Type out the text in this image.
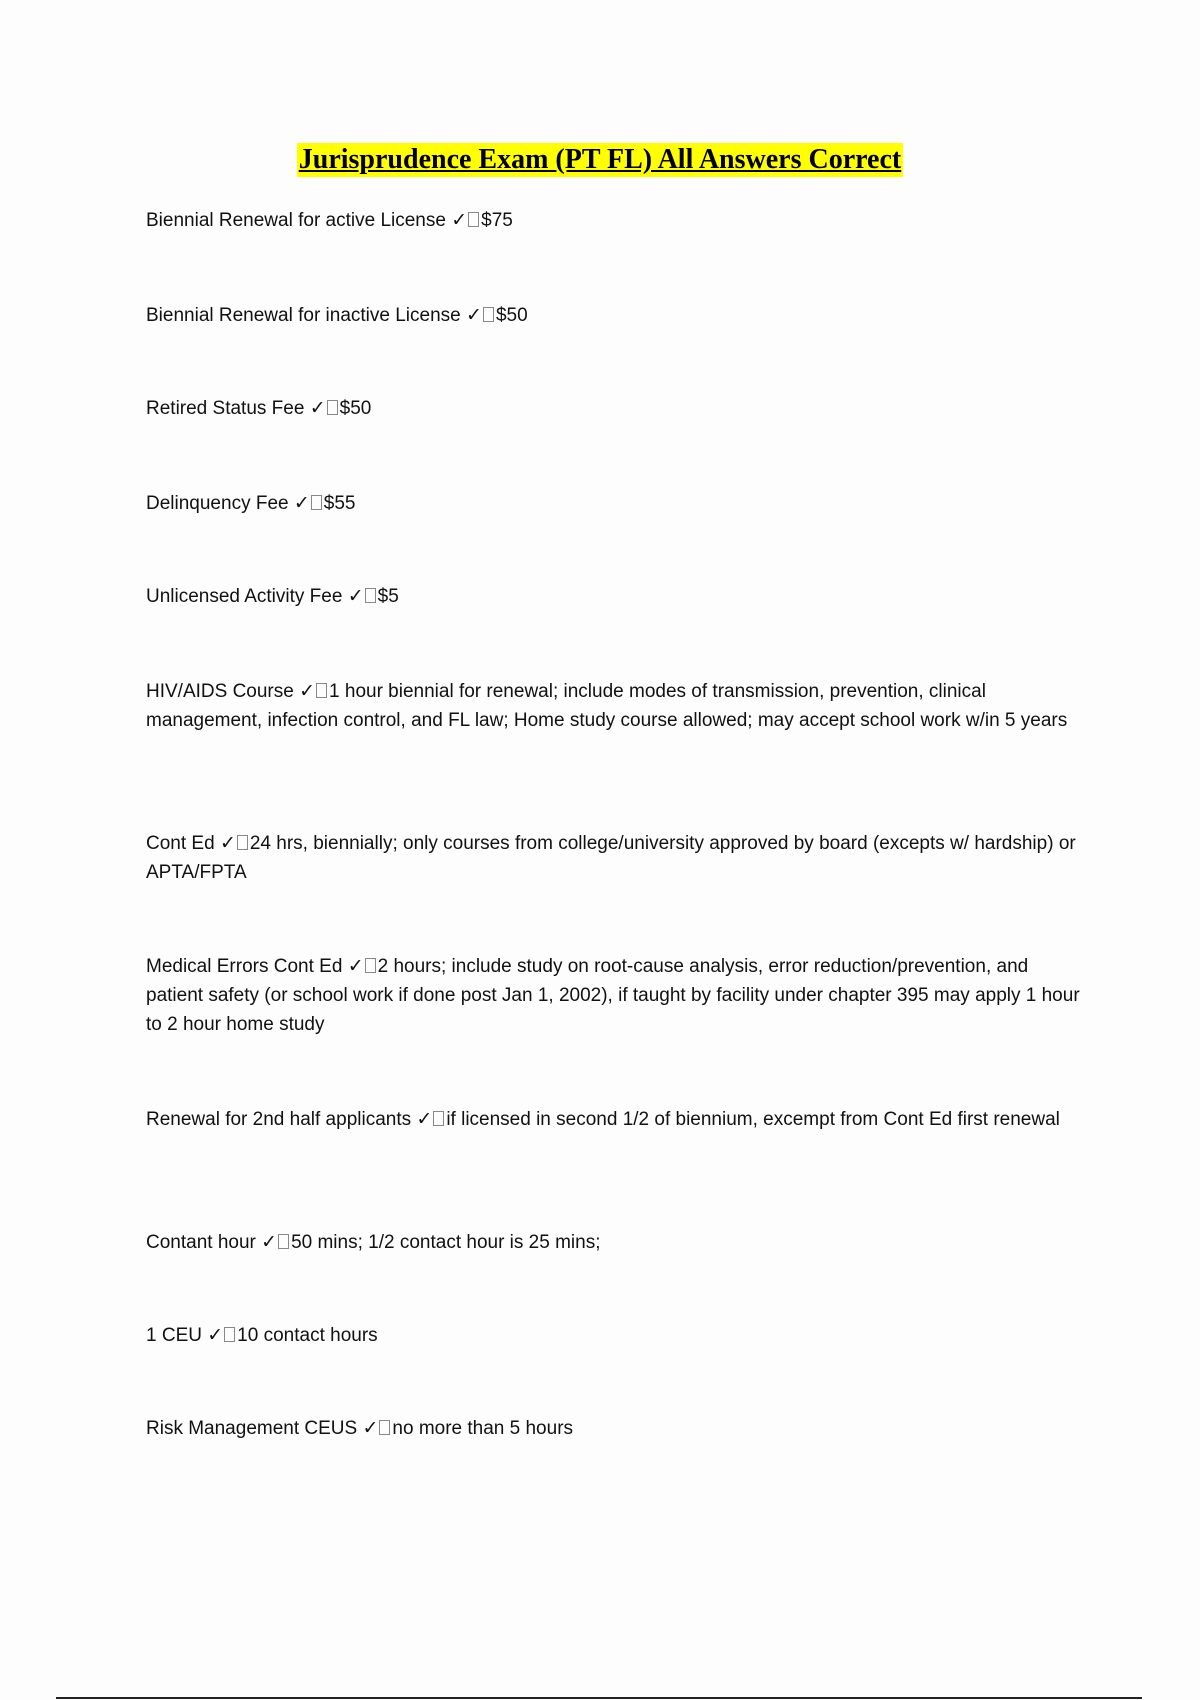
Jurisprudence Exam (PT FL) All Answers Correct
Biennial Renewal for active License ✓ $75
Biennial Renewal for inactive License ✓ $50
Retired Status Fee ✓ $50
Delinquency Fee ✓ $55
Unlicensed Activity Fee ✓ $5
HIV/AIDS Course ✓ 1 hour biennial for renewal; include modes of transmission, prevention, clinical management, infection control, and FL law; Home study course allowed; may accept school work w/in 5 years
Cont Ed ✓ 24 hrs, biennially; only courses from college/university approved by board (excepts w/ hardship) or APTA/FPTA
Medical Errors Cont Ed ✓ 2 hours; include study on root-cause analysis, error reduction/prevention, and patient safety (or school work if done post Jan 1, 2002), if taught by facility under chapter 395 may apply 1 hour to 2 hour home study
Renewal for 2nd half applicants ✓ if licensed in second 1/2 of biennium, excempt from Cont Ed first renewal
Contant hour ✓ 50 mins; 1/2 contact hour is 25 mins;
1 CEU ✓ 10 contact hours
Risk Management CEUS ✓ no more than 5 hours
